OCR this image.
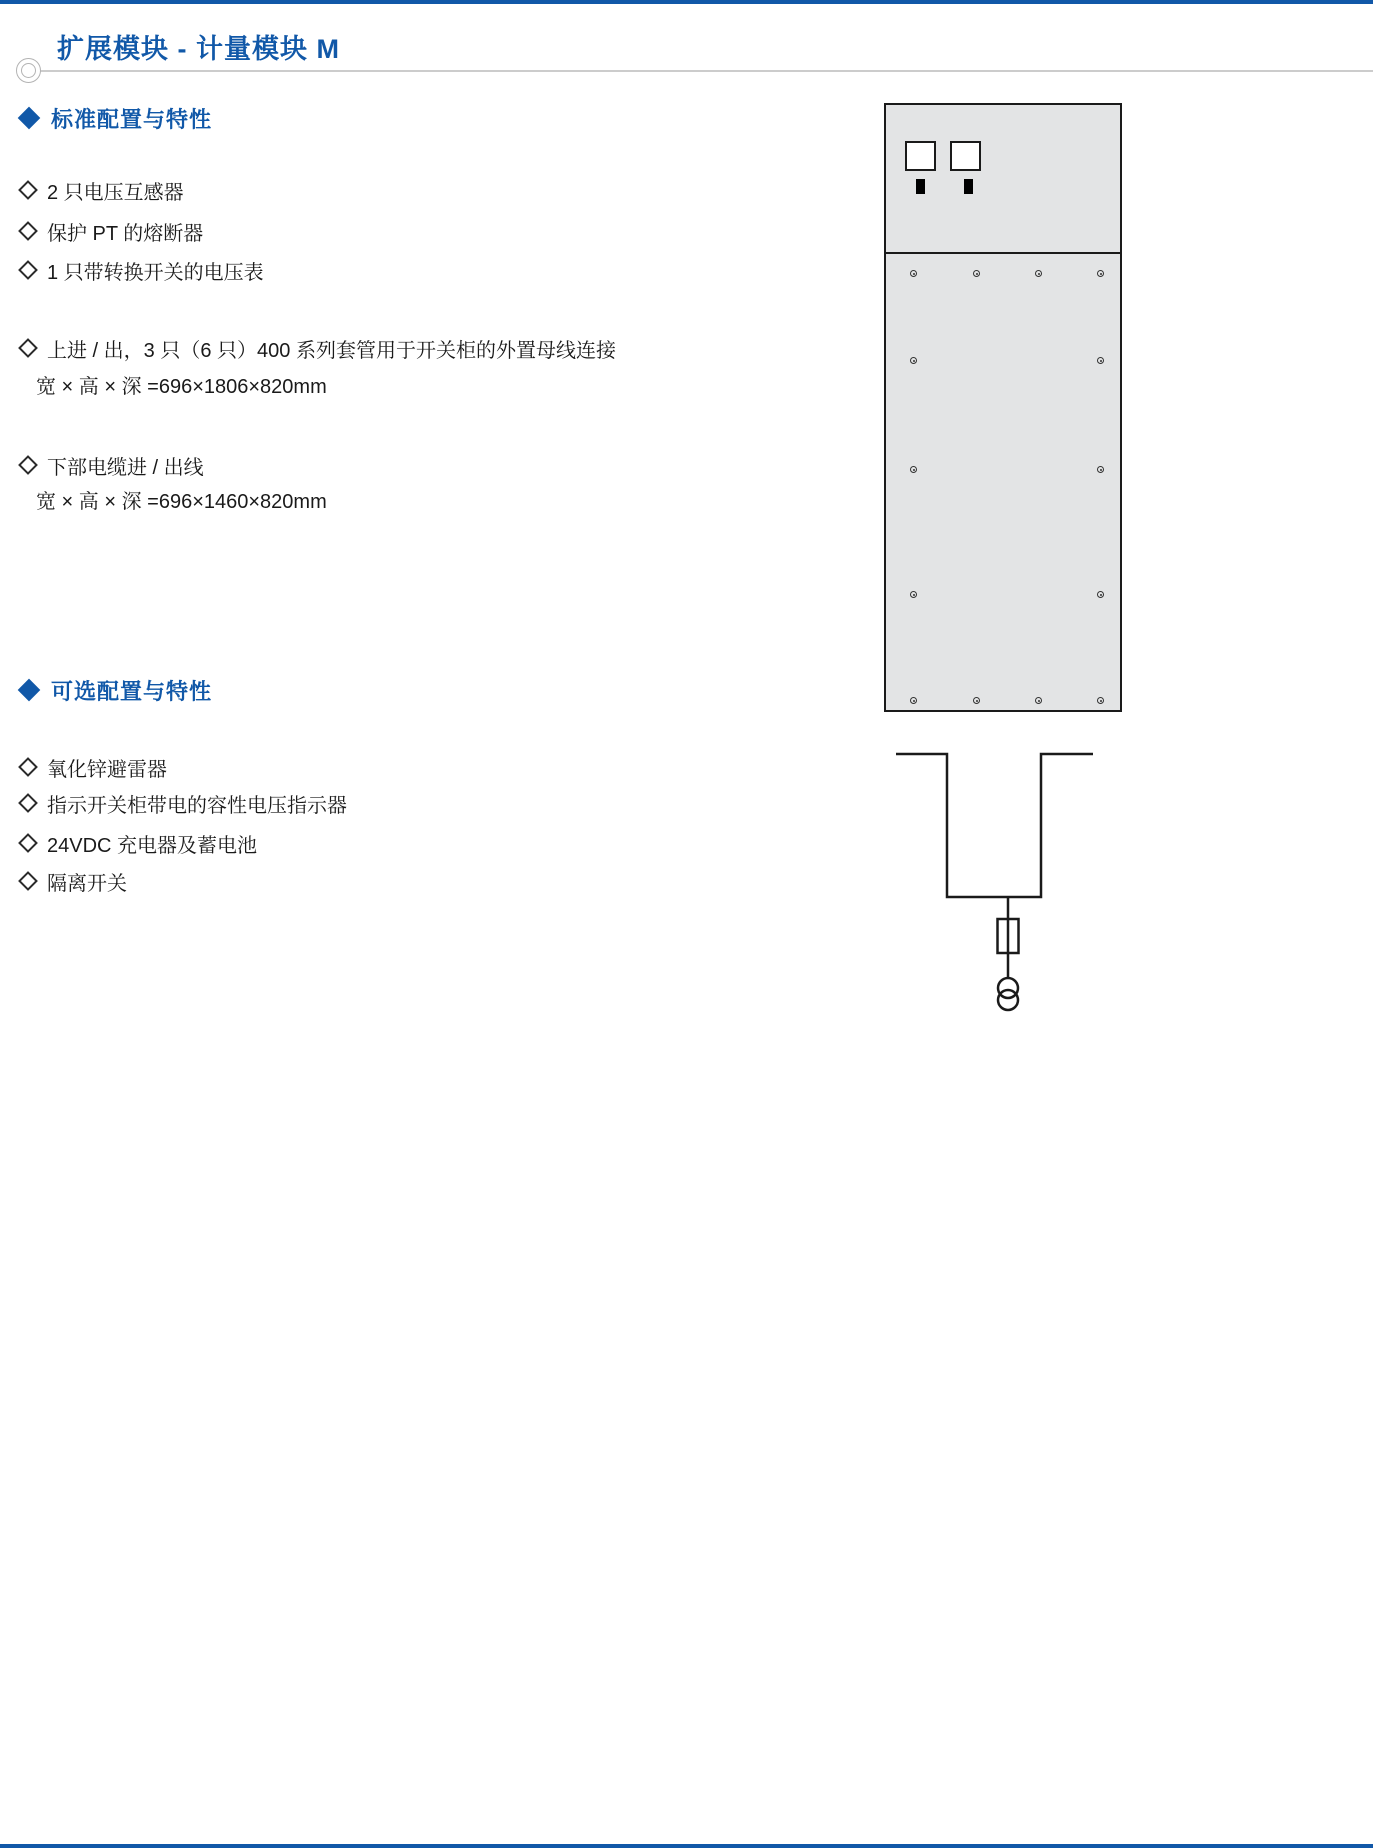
扩展模块 - 计量模块 M
标准配置与特性
2 只电压互感器
保护 PT 的熔断器
1 只带转换开关的电压表
上进 / 出，3 只（6 只）400 系列套管用于开关柜的外置母线连接
宽 × 高 × 深 =696×1806×820mm
下部电缆进 / 出线
宽 × 高 × 深 =696×1460×820mm
可选配置与特性
氧化锌避雷器
指示开关柜带电的容性电压指示器
24VDC 充电器及蓄电池
隔离开关
